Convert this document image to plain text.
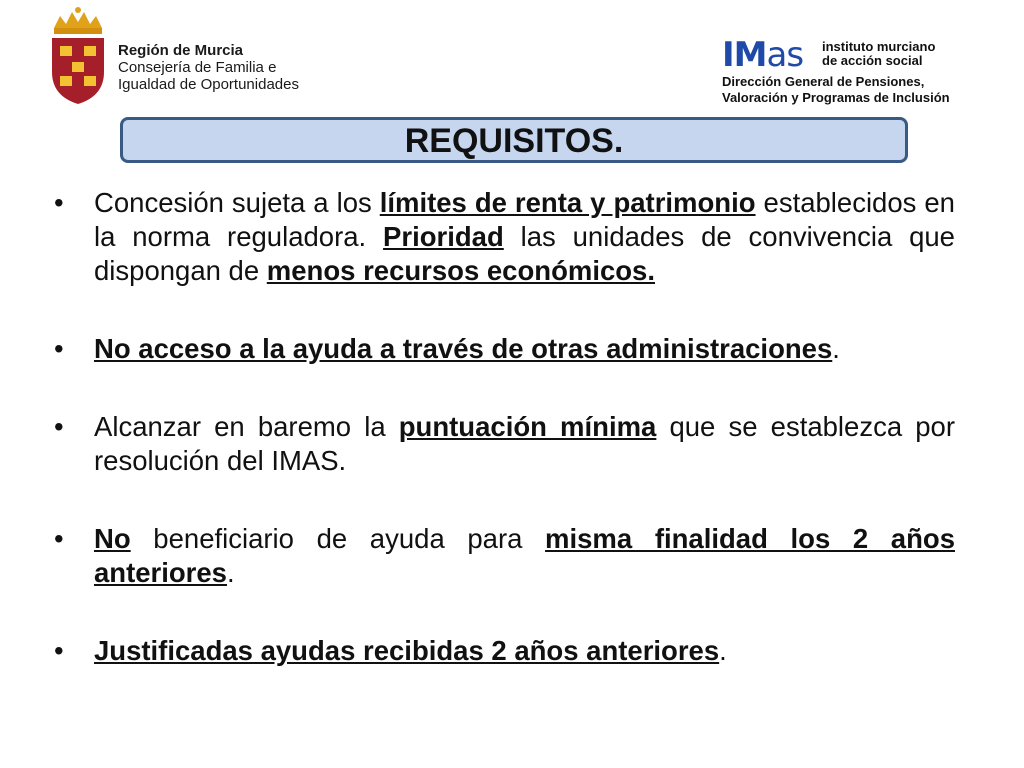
Región de Murcia
Consejería de Familia e
Igualdad de Oportunidades
IMas instituto murciano
de acción social
Dirección General de Pensiones,
Valoración y Programas de Inclusión
REQUISITOS.
• Concesión sujeta a los límites de renta y patrimonio establecidos en la norma reguladora. Prioridad las unidades de convivencia que dispongan de menos recursos económicos.
• No acceso a la ayuda a través de otras administraciones.
• Alcanzar en baremo la puntuación mínima que se establezca por resolución del IMAS.
• No beneficiario de ayuda para misma finalidad los 2 años anteriores.
• Justificadas ayudas recibidas 2 años anteriores.
